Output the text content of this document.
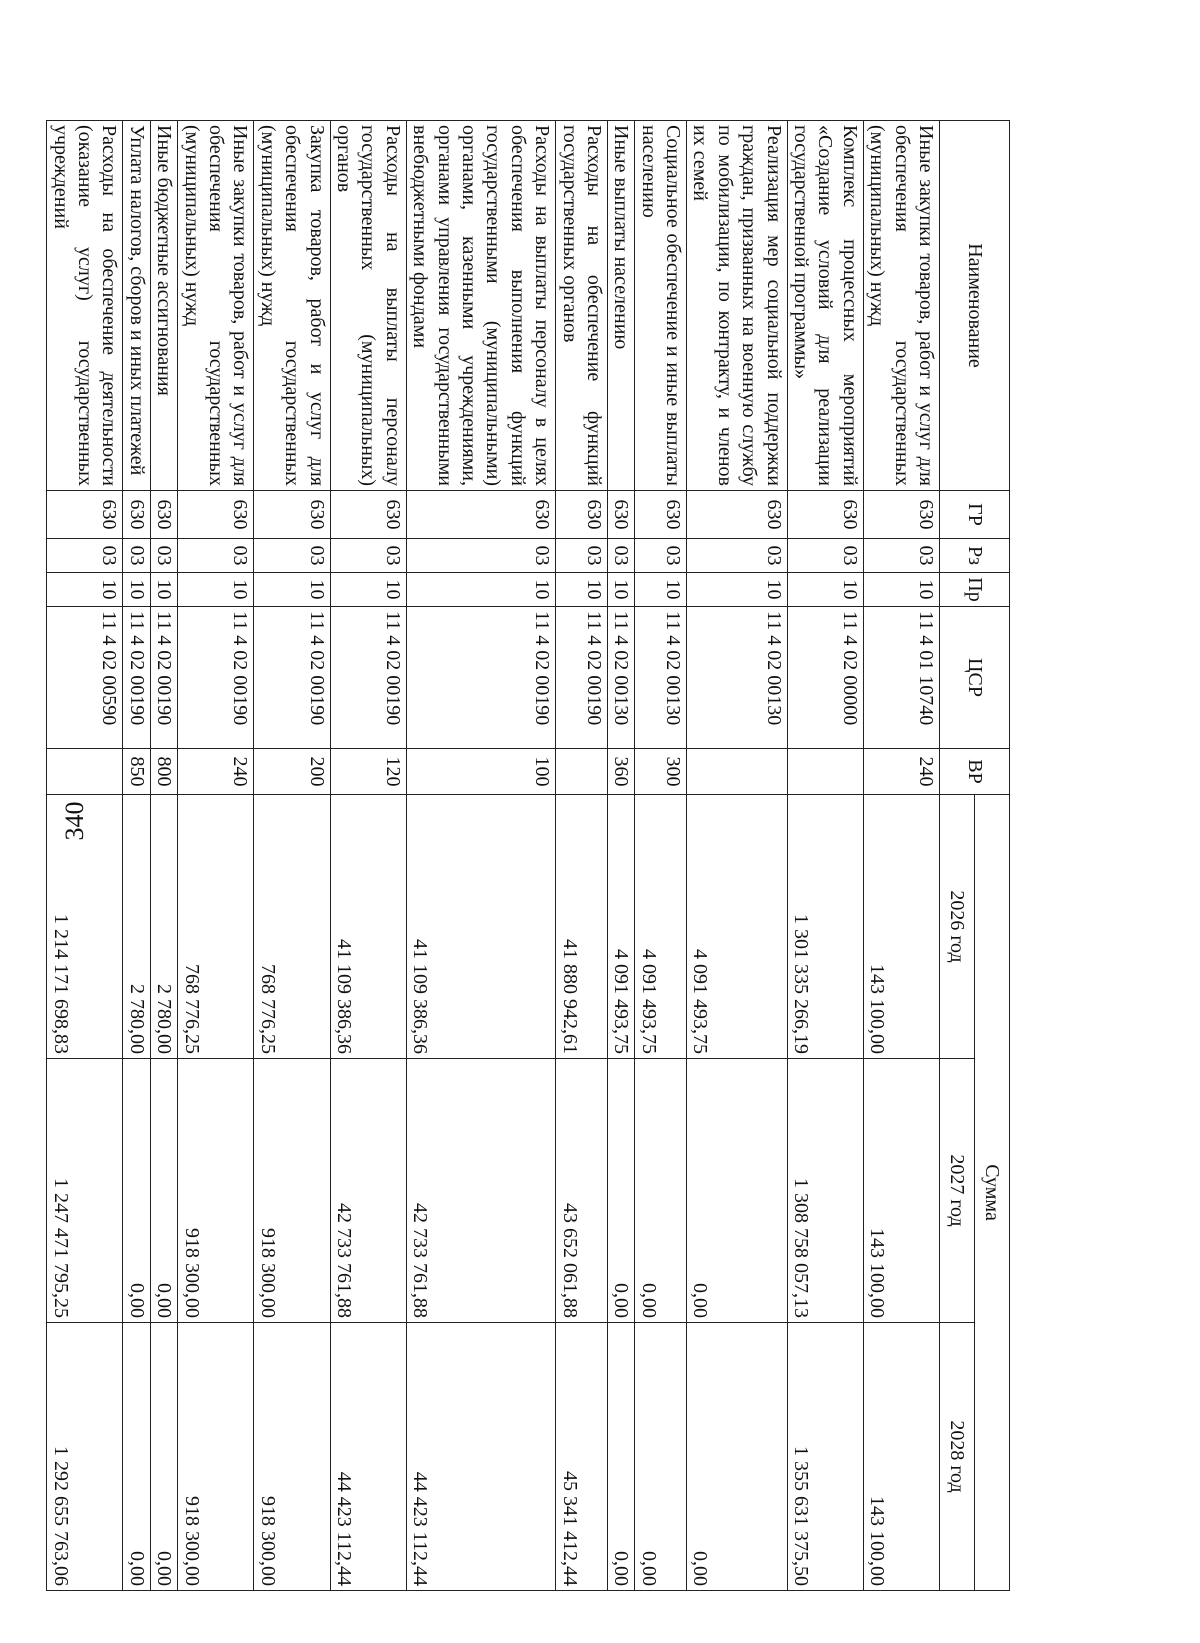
340
Наименование	ГР	Рз	Пр	ЦСР	ВР	Сумма		
						2026 год	2027 год	2028 год
Иные закупки товаров, работ и услуг для обеспечения государственных (муниципальных) нужд	630	03	10	11 4 01 10740	240	143 100,00	143 100,00	143 100,00
Комплекс процессных мероприятий «Создание условий для реализации государственной программы»	630	03	10	11 4 02 00000		1 301 335 266,19	1 308 758 057,13	1 355 631 375,50
Реализация мер социальной поддержки граждан, призванных на военную службу по мобилизации, по контракту, и членов их семей	630	03	10	11 4 02 00130		4 091 493,75	0,00	0,00
Социальное обеспечение и иные выплаты населению	630	03	10	11 4 02 00130	300	4 091 493,75	0,00	0,00
Иные выплаты населению	630	03	10	11 4 02 00130	360	4 091 493,75	0,00	0,00
Расходы на обеспечение функций государственных органов	630	03	10	11 4 02 00190		41 880 942,61	43 652 061,88	45 341 412,44
Расходы на выплаты персоналу в целях обеспечения выполнения функций государственными (муниципальными) органами, казенными учреждениями, органами управления государственными внебюджетными фондами	630	03	10	11 4 02 00190	100	41 109 386,36	42 733 761,88	44 423 112,44
Расходы на выплаты персоналу государственных (муниципальных) органов	630	03	10	11 4 02 00190	120	41 109 386,36	42 733 761,88	44 423 112,44
Закупка товаров, работ и услуг для обеспечения государственных (муниципальных) нужд	630	03	10	11 4 02 00190	200	768 776,25	918 300,00	918 300,00
Иные закупки товаров, работ и услуг для обеспечения государственных (муниципальных) нужд	630	03	10	11 4 02 00190	240	768 776,25	918 300,00	918 300,00
Иные бюджетные ассигнования	630	03	10	11 4 02 00190	800	2 780,00	0,00	0,00
Уплата налогов, сборов и иных платежей	630	03	10	11 4 02 00190	850	2 780,00	0,00	0,00
Расходы на обеспечение деятельности (оказание услуг) государственных учреждений	630	03	10	11 4 02 00590		1 214 171 698,83	1 247 471 795,25	1 292 655 763,06
